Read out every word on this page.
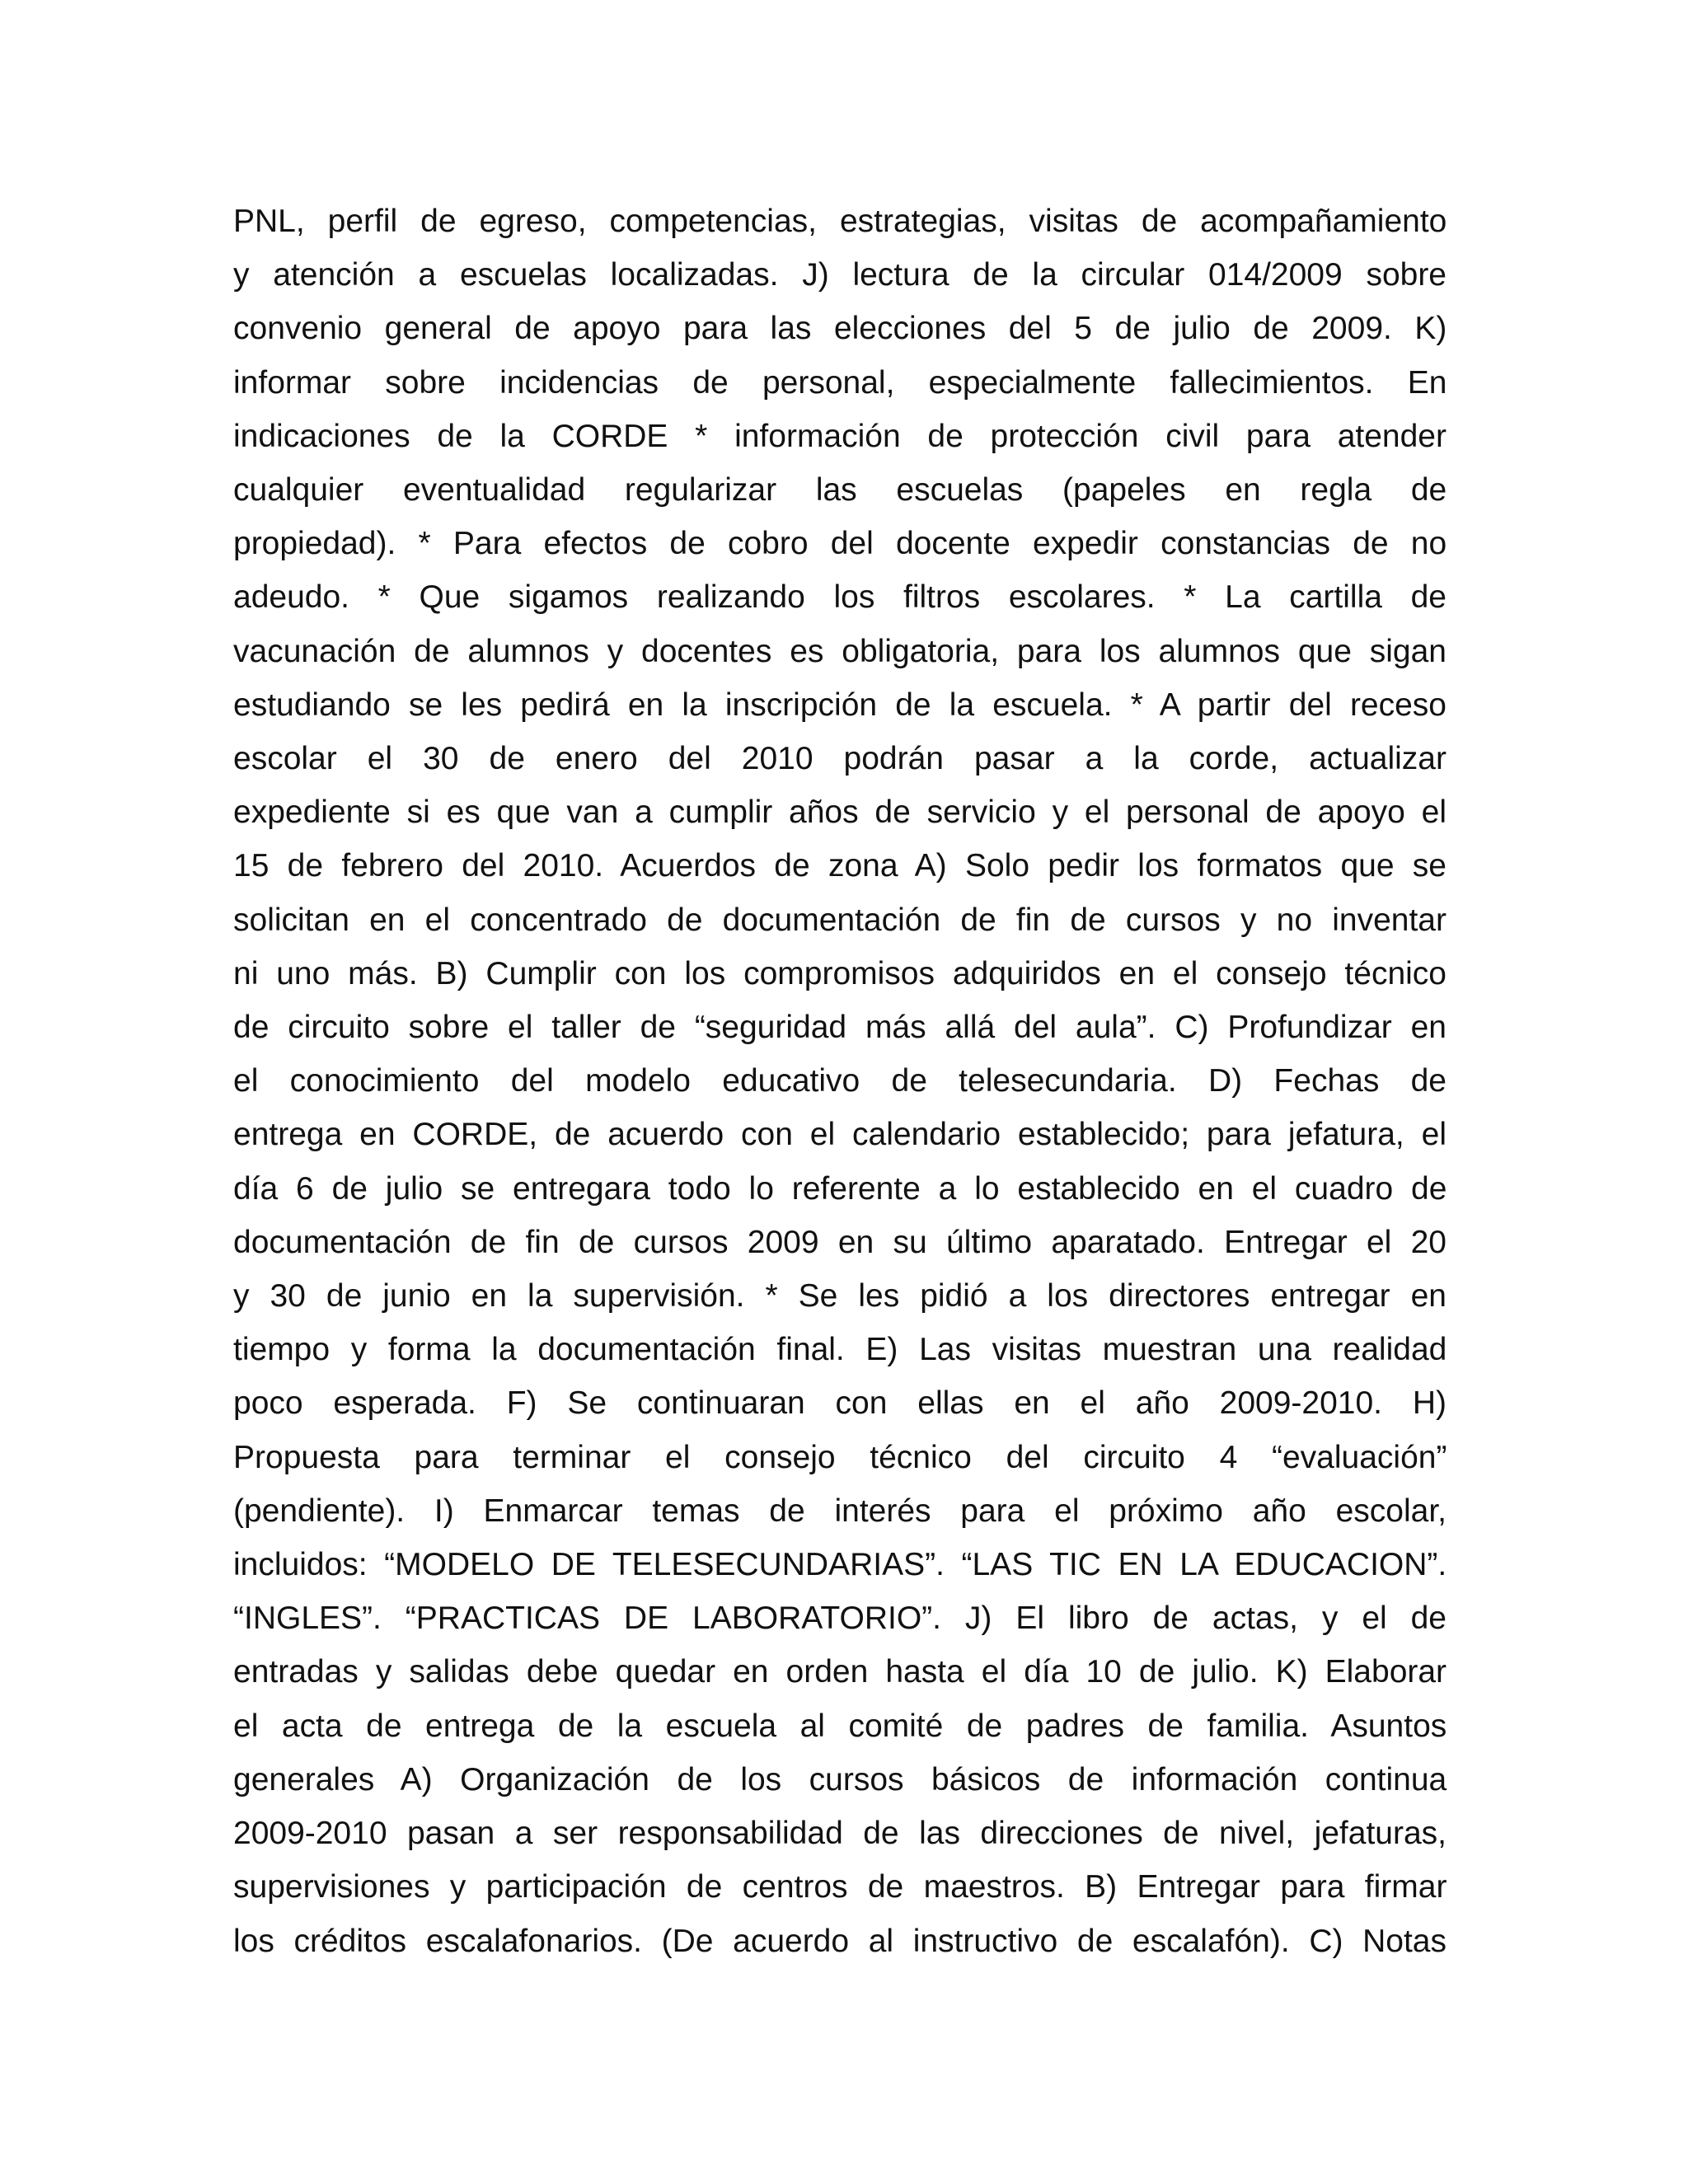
PNL, perfil de egreso, competencias, estrategias, visitas de acompañamiento
y atención a escuelas localizadas. J) lectura de la circular 014/2009 sobre
convenio general de apoyo para las elecciones del 5 de julio de 2009. K)
informar sobre incidencias de personal, especialmente fallecimientos. En
indicaciones de la CORDE * información de protección civil para atender
cualquier eventualidad regularizar las escuelas (papeles en regla de
propiedad). * Para efectos de cobro del docente expedir constancias de no
adeudo. * Que sigamos realizando los filtros escolares. * La cartilla de
vacunación de alumnos y docentes es obligatoria, para los alumnos que sigan
estudiando se les pedirá en la inscripción de la escuela. * A partir del receso
escolar el 30 de enero del 2010 podrán pasar a la corde, actualizar
expediente si es que van a cumplir años de servicio y el personal de apoyo el
15 de febrero del 2010. Acuerdos de zona A) Solo pedir los formatos que se
solicitan en el concentrado de documentación de fin de cursos y no inventar
ni uno más. B) Cumplir con los compromisos adquiridos en el consejo técnico
de circuito sobre el taller de “seguridad más allá del aula”. C) Profundizar en
el conocimiento del modelo educativo de telesecundaria. D) Fechas de
entrega en CORDE, de acuerdo con el calendario establecido; para jefatura, el
día 6 de julio se entregara todo lo referente a lo establecido en el cuadro de
documentación de fin de cursos 2009 en su último aparatado. Entregar el 20
y 30 de junio en la supervisión. * Se les pidió a los directores entregar en
tiempo y forma la documentación final. E) Las visitas muestran una realidad
poco esperada. F) Se continuaran con ellas en el año 2009-2010. H)
Propuesta para terminar el consejo técnico del circuito 4 “evaluación”
(pendiente). I) Enmarcar temas de interés para el próximo año escolar,
incluidos: “MODELO DE TELESECUNDARIAS”. “LAS TIC EN LA EDUCACION”.
“INGLES”. “PRACTICAS DE LABORATORIO”. J) El libro de actas, y el de
entradas y salidas debe quedar en orden hasta el día 10 de julio. K) Elaborar
el acta de entrega de la escuela al comité de padres de familia. Asuntos
generales A) Organización de los cursos básicos de información continua
2009-2010 pasan a ser responsabilidad de las direcciones de nivel, jefaturas,
supervisiones y participación de centros de maestros. B) Entregar para firmar
los créditos escalafonarios. (De acuerdo al instructivo de escalafón). C) Notas
